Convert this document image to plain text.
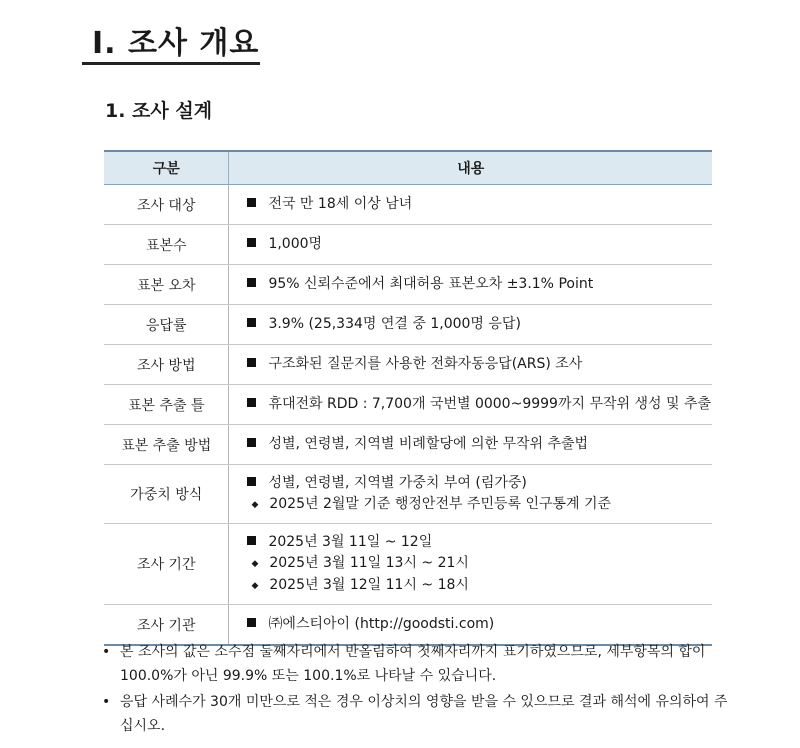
Ⅰ. 조사 개요
1. 조사 설계
구분	내용
조사 대상	전국 만 18세 이상 남녀

표본수	1,000명

표본 오차	95% 신뢰수준에서 최대허용 표본오차 ±3.1% Point

응답률	3.9% (25,334명 연결 중 1,000명 응답)

조사 방법	구조화된 질문지를 사용한 전화자동응답(ARS) 조사

표본 추출 틀	휴대전화 RDD : 7,700개 국번별 0000~9999까지 무작위 생성 및 추출

표본 추출 방법	성별, 연령별, 지역별 비례할당에 의한 무작위 추출법

가중치 방식	성별, 연령별, 지역별 가중치 부여 (림가중)
◆ 2025년 2월말 기준 행정안전부 주민등록 인구통계 기준

조사 기간	2025년 3월 11일 ~ 12일
◆ 2025년 3월 11일 13시 ~ 21시
◆ 2025년 3월 12일 11시 ~ 18시

조사 기관	㈜에스티아이 (http://goodsti.com)
• 본 조사의 값은 소수점 둘째자리에서 반올림하여 첫째자리까지 표기하였으므로, 세부항목의 합이 100.0%가 아닌 99.9% 또는 100.1%로 나타날 수 있습니다.
• 응답 사례수가 30개 미만으로 적은 경우 이상치의 영향을 받을 수 있으므로 결과 해석에 유의하여 주십시오.
